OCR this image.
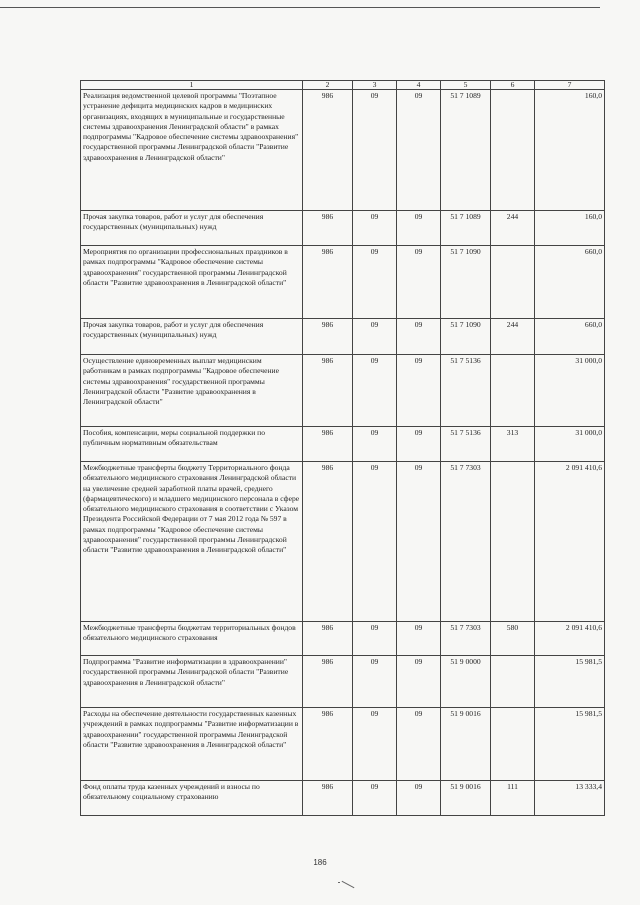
1	2	3	4	5	6	7
Реализация ведомственной целевой программы "Поэтапное устранение дефицита медицинских кадров в медицинских организациях, входящих в муниципальные и государственные системы здравоохранения Ленинградской области" в рамках подпрограммы "Кадровое обеспечение системы здравоохранения" государственной программы Ленинградской области "Развитие здравоохранения в Ленинградской области"	986	09	09	51 7 1089		160,0
Прочая закупка товаров, работ и услуг для обеспечения государственных (муниципальных) нужд	986	09	09	51 7 1089	244	160,0
Мероприятия по организации профессиональных праздников в рамках подпрограммы "Кадровое обеспечение системы здравоохранения" государственной программы Ленинградской области "Развитие здравоохранения в Ленинградской области"	986	09	09	51 7 1090		660,0
Прочая закупка товаров, работ и услуг для обеспечения государственных (муниципальных) нужд	986	09	09	51 7 1090	244	660,0
Осуществление единовременных выплат медицинским работникам в рамках подпрограммы "Кадровое обеспечение системы здравоохранения" государственной программы Ленинградской области "Развитие здравоохранения в Ленинградской области"	986	09	09	51 7 5136		31 000,0
Пособия, компенсации, меры социальной поддержки по публичным нормативным обязательствам	986	09	09	51 7 5136	313	31 000,0
Межбюджетные трансферты бюджету Территориального фонда обязательного медицинского страхования Ленинградской области на увеличение средней заработной платы врачей, среднего (фармацевтического) и младшего медицинского персонала в сфере обязательного медицинского страхования в соответствии с Указом Президента Российской Федерации от 7 мая 2012 года № 597 в рамках подпрограммы "Кадровое обеспечение системы здравоохранения" государственной программы Ленинградской области "Развитие здравоохранения в Ленинградской области"	986	09	09	51 7 7303		2 091 410,6
Межбюджетные трансферты бюджетам территориальных фондов обязательного медицинского страхования	986	09	09	51 7 7303	580	2 091 410,6
Подпрограмма "Развитие информатизации в здравоохранении" государственной программы Ленинградской области "Развитие здравоохранения в Ленинградской области"	986	09	09	51 9 0000		15 981,5
Расходы на обеспечение деятельности государственных казенных учреждений в рамках подпрограммы "Развитие информатизации в здравоохранении" государственной программы Ленинградской области "Развитие здравоохранения в Ленинградской области"	986	09	09	51 9 0016		15 981,5
Фонд оплаты труда казенных учреждений и взносы по обязательному социальному страхованию	986	09	09	51 9 0016	111	13 333,4
186
